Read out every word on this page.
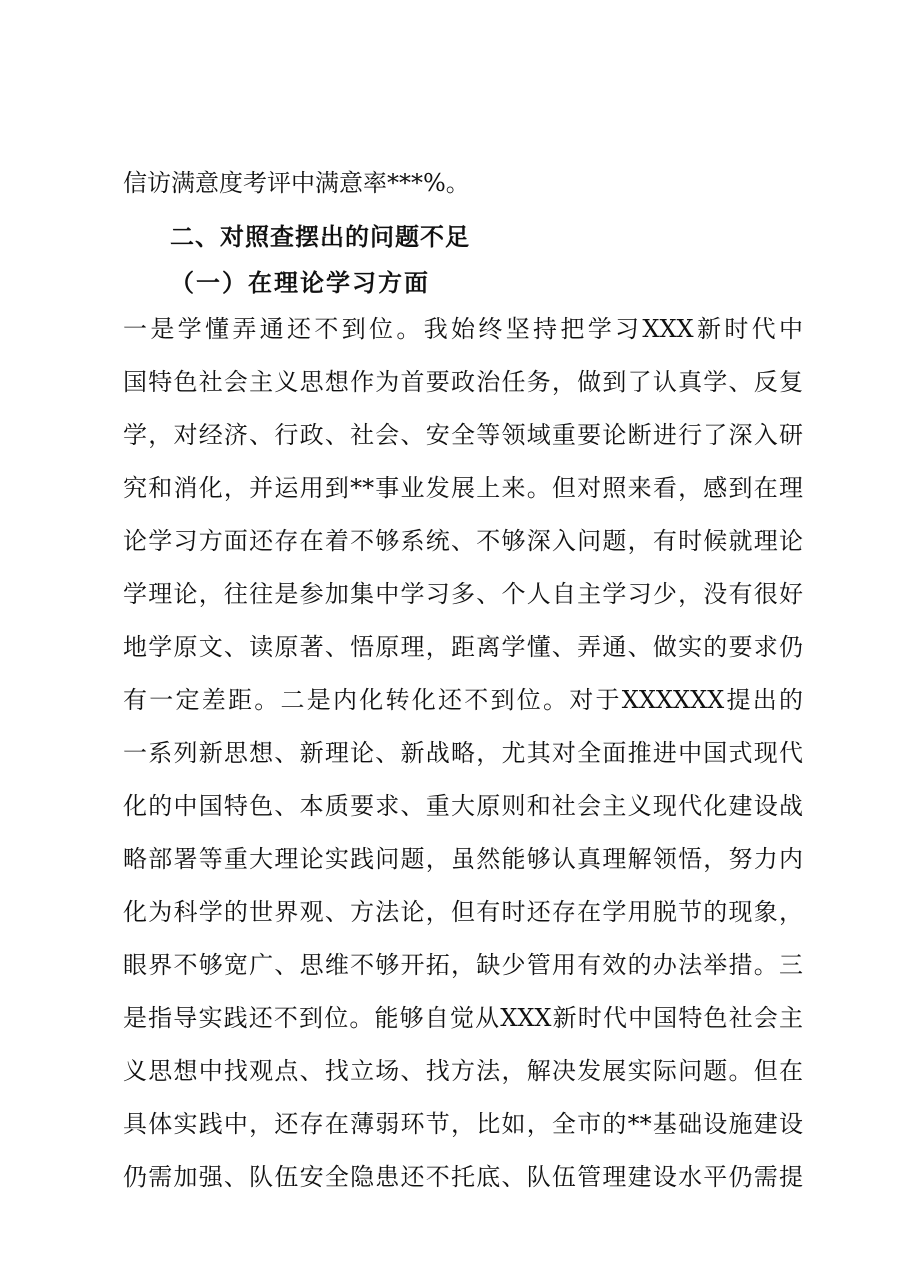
信访满意度考评中满意率***%。
二、对照查摆出的问题不足
（一）在理论学习方面
一是学懂弄通还不到位。我始终坚持把学习XXX新时代中
国特色社会主义思想作为首要政治任务，做到了认真学、反复
学，对经济、行政、社会、安全等领域重要论断进行了深入研
究和消化，并运用到**事业发展上来。但对照来看，感到在理
论学习方面还存在着不够系统、不够深入问题，有时候就理论
学理论，往往是参加集中学习多、个人自主学习少，没有很好
地学原文、读原著、悟原理，距离学懂、弄通、做实的要求仍
有一定差距。二是内化转化还不到位。对于XXXXXX提出的
一系列新思想、新理论、新战略，尤其对全面推进中国式现代
化的中国特色、本质要求、重大原则和社会主义现代化建设战
略部署等重大理论实践问题，虽然能够认真理解领悟，努力内
化为科学的世界观、方法论，但有时还存在学用脱节的现象，
眼界不够宽广、思维不够开拓，缺少管用有效的办法举措。三
是指导实践还不到位。能够自觉从XXX新时代中国特色社会主
义思想中找观点、找立场、找方法，解决发展实际问题。但在
具体实践中，还存在薄弱环节，比如，全市的**基础设施建设
仍需加强、队伍安全隐患还不托底、队伍管理建设水平仍需提
